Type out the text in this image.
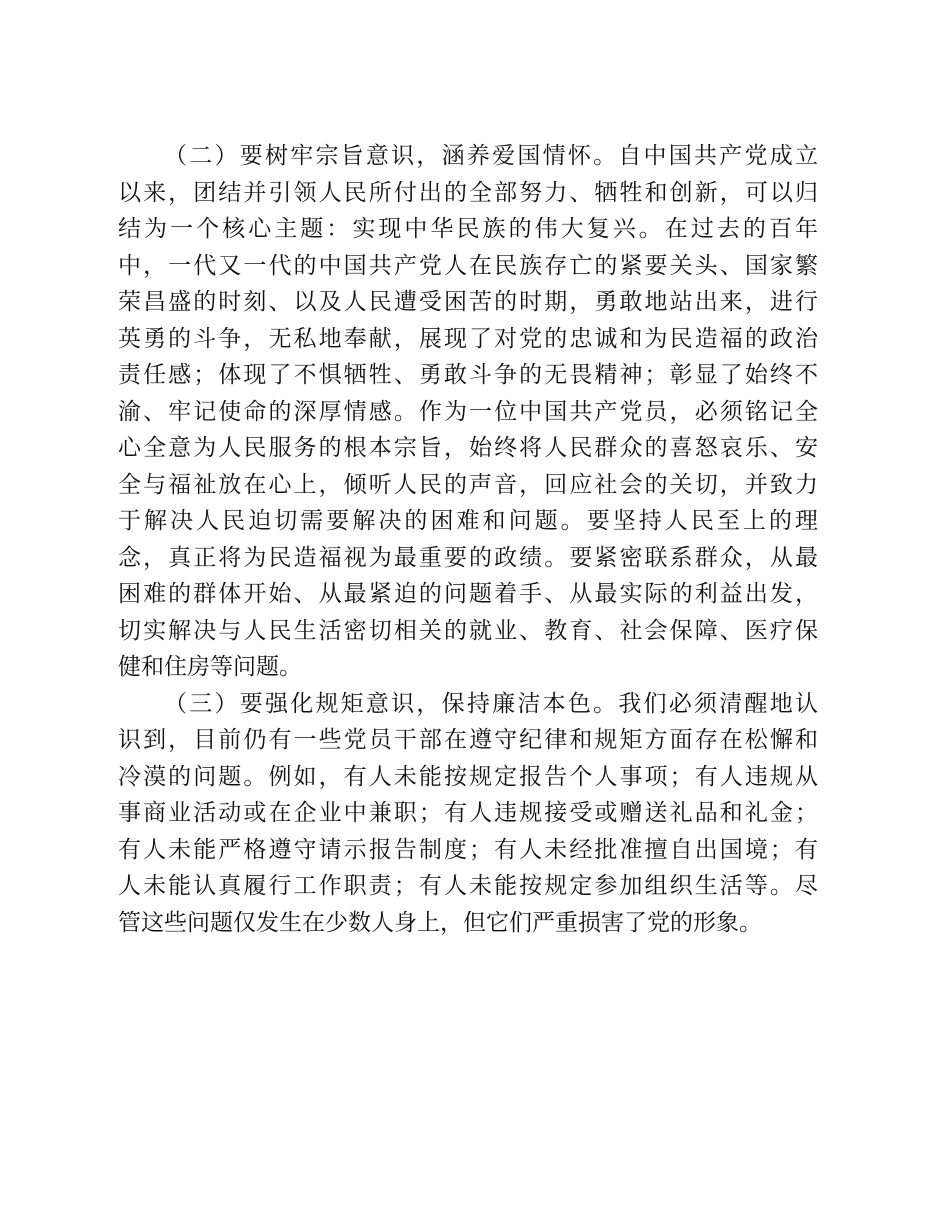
（二）要树牢宗旨意识，涵养爱国情怀。自中国共产党成立
以来，团结并引领人民所付出的全部努力、牺牲和创新，可以归
结为一个核心主题：实现中华民族的伟大复兴。在过去的百年
中，一代又一代的中国共产党人在民族存亡的紧要关头、国家繁
荣昌盛的时刻、以及人民遭受困苦的时期，勇敢地站出来，进行
英勇的斗争，无私地奉献，展现了对党的忠诚和为民造福的政治
责任感；体现了不惧牺牲、勇敢斗争的无畏精神；彰显了始终不
渝、牢记使命的深厚情感。作为一位中国共产党员，必须铭记全
心全意为人民服务的根本宗旨，始终将人民群众的喜怒哀乐、安
全与福祉放在心上，倾听人民的声音，回应社会的关切，并致力
于解决人民迫切需要解决的困难和问题。要坚持人民至上的理
念，真正将为民造福视为最重要的政绩。要紧密联系群众，从最
困难的群体开始、从最紧迫的问题着手、从最实际的利益出发，
切实解决与人民生活密切相关的就业、教育、社会保障、医疗保
健和住房等问题。
（三）要强化规矩意识，保持廉洁本色。我们必须清醒地认
识到，目前仍有一些党员干部在遵守纪律和规矩方面存在松懈和
冷漠的问题。例如，有人未能按规定报告个人事项；有人违规从
事商业活动或在企业中兼职；有人违规接受或赠送礼品和礼金；
有人未能严格遵守请示报告制度；有人未经批准擅自出国境；有
人未能认真履行工作职责；有人未能按规定参加组织生活等。尽
管这些问题仅发生在少数人身上，但它们严重损害了党的形象。
